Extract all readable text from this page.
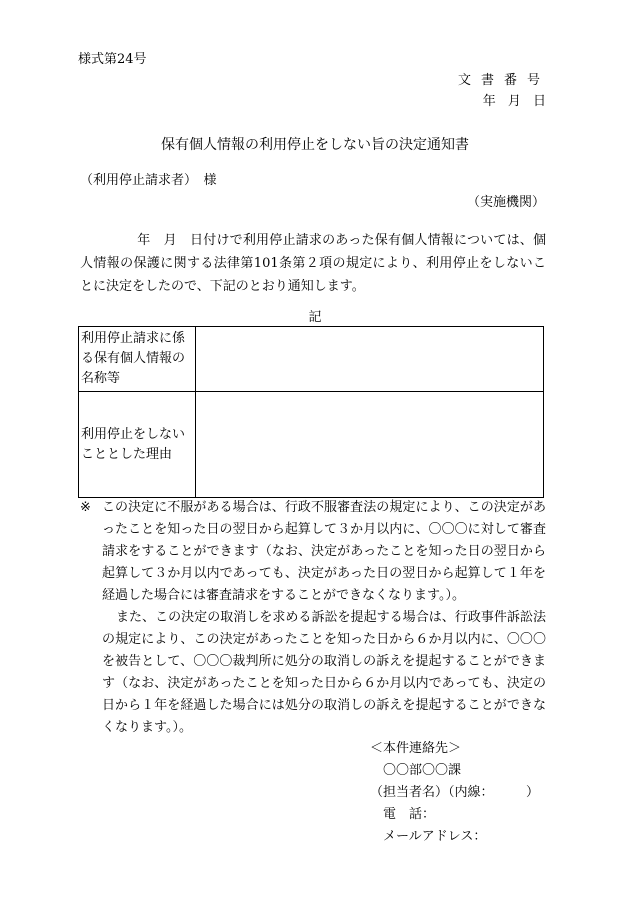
様式第24号
文書番号
年 月 日
保有個人情報の利用停止をしない旨の決定通知書
（利用停止請求者）　様
（実施機関）

　年　月　日付けで利用停止請求のあった保有個人情報については、個人情報の保護に関する法律第101条第２項の規定により、利用停止をしないことに決定をしたので、下記のとおり通知します。

記
利用停止請求に係る保有個人情報の名称等	
利用停止をしないこととした理由	
※ この決定に不服がある場合は、行政不服審査法の規定により、この決定があったことを知った日の翌日から起算して３か月以内に、〇〇〇に対して審査請求をすることができます（なお、決定があったことを知った日の翌日から起算して３か月以内であっても、決定があった日の翌日から起算して１年を経過した場合には審査請求をすることができなくなります。）。
また、この決定の取消しを求める訴訟を提起する場合は、行政事件訴訟法の規定により、この決定があったことを知った日から６か月以内に、〇〇〇を被告として、〇〇〇裁判所に処分の取消しの訴えを提起することができます（なお、決定があったことを知った日から６か月以内であっても、決定の日から１年を経過した場合には処分の取消しの訴えを提起することができなくなります。）。
＜本件連絡先＞
　〇〇部〇〇課
（担当者名）（内線：　　　）
　電　話：
　メールアドレス：
